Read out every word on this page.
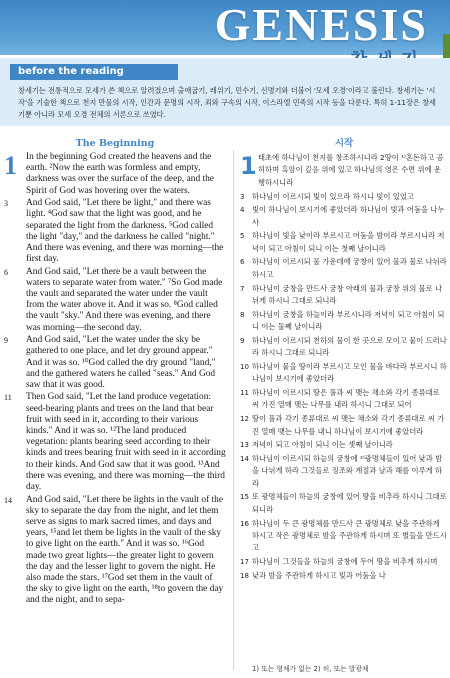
GENESIS
before the reading
창세기는 전통적으로 모세가 쓴 책으로 알려졌으며 출애굽기, 레위기, 민수기, 신명기와 더불어 '모세 오경'이라고 불린다. 창세기는 '시작'을 기술한 책으로 천지 만물의 시작, 인간과 문명의 시작, 죄와 구속의 시작, 이스라엘 민족의 시작 등을 다룬다. 특히 1-11장은 창세기뿐 아니라 모세 오경 전체의 서론으로 쓰였다.
The Beginning
1 In the beginning God created the heavens and the earth. ²Now the earth was formless and empty, darkness was over the surface of the deep, and the Spirit of God was hovering over the waters.
3 And God said, "Let there be light," and there was light. ⁴God saw that the light was good, and he separated the light from the darkness. ⁵God called the light "day," and the darkness he called "night." And there was evening, and there was morning—the first day.
6 And God said, "Let there be a vault between the waters to separate water from water." ⁷So God made the vault and separated the water under the vault from the water above it. And it was so. ⁸God called the vault "sky." And there was evening, and there was morning—the second day.
9 And God said, "Let the water under the sky be gathered to one place, and let dry ground appear." And it was so. ¹⁰God called the dry ground "land," and the gathered waters he called "seas." And God saw that it was good.
11 Then God said, "Let the land produce vegetation: seed-bearing plants and trees on the land that bear fruit with seed in it, according to their various kinds." And it was so. ¹²The land produced vegetation: plants bearing seed according to their kinds and trees bearing fruit with seed in it according to their kinds. And God saw that it was good. ¹³And there was evening, and there was morning—the third day.
14 And God said, "Let there be lights in the vault of the sky to separate the day from the night, and let them serve as signs to mark sacred times, and days and years, ¹⁵and let them be lights in the vault of the sky to give light on the earth." And it was so. ¹⁶God made two great lights—the greater light to govern the day and the lesser light to govern the night. He also made the stars. ¹⁷God set them in the vault of the sky to give light on the earth, ¹⁸to govern the day and the night, and to sepa-
시작
1 태초에 하나님이 천지를 창조하시니라 2땅이 ¹⁾혼돈하고 공허하며 흑암이 깊음 위에 있고 하나님의 영은 수면 위에 운행하시니라
3 하나님이 이르시되 빛이 있으라 하시니 빛이 있었고
4 빛이 하나님이 보시기에 좋았더라 하나님이 빛과 어둠을 나누사
5 하나님이 빛을 낮이라 부르시고 어둠을 밤이라 부르시니라 저녁이 되고 아침이 되니 이는 첫째 날이니라
6 하나님이 이르시되 물 가운데에 궁창이 있어 물과 물로 나뉘라 하시고
7 하나님이 궁창을 만드사 궁창 아래의 물과 궁창 위의 물로 나뉘게 하시니 그대로 되니라
8 하나님이 궁창을 하늘이라 부르시니라 저녁이 되고 아침이 되니 이는 둘째 날이니라
9 하나님이 이르시되 천하의 물이 한 곳으로 모이고 뭍이 드러나라 하시니 그대로 되니라
10 하나님이 뭍을 땅이라 부르시고 모인 물을 바다라 부르시니 하나님이 보시기에 좋았더라
11 하나님이 이르시되 땅은 풀과 씨 맺는 채소와 각기 종류대로 씨 가진 열매 맺는 나무를 내라 하시니 그대로 되어
12 땅이 풀과 각기 종류대로 씨 맺는 채소와 각기 종류대로 씨 가진 열매 맺는 나무를 내니 하나님이 보시기에 좋았더라
13 저녁이 되고 아침이 되니 이는 셋째 날이니라
14 하나님이 이르시되 하늘의 궁창에 ²⁾광명체들이 있어 낮과 밤을 나뉘게 하라 그것들로 징조와 계절과 날과 해를 이루게 하라
15 또 광명체들이 하늘의 궁창에 있어 땅을 비추라 하시니 그대로 되니라
16 하나님이 두 큰 광명체를 만드사 큰 광명체로 낮을 주관하게 하시고 작은 광명체로 밤을 주관하게 하시며 또 별들을 만드시고
17 하나님이 그것들을 하늘의 궁창에 두어 땅을 비추게 하시며
18 낮과 밤을 주관하게 하시고 빛과 어둠을 나
1) 또는 형체가 없는 2) 히, 또는 발광체
